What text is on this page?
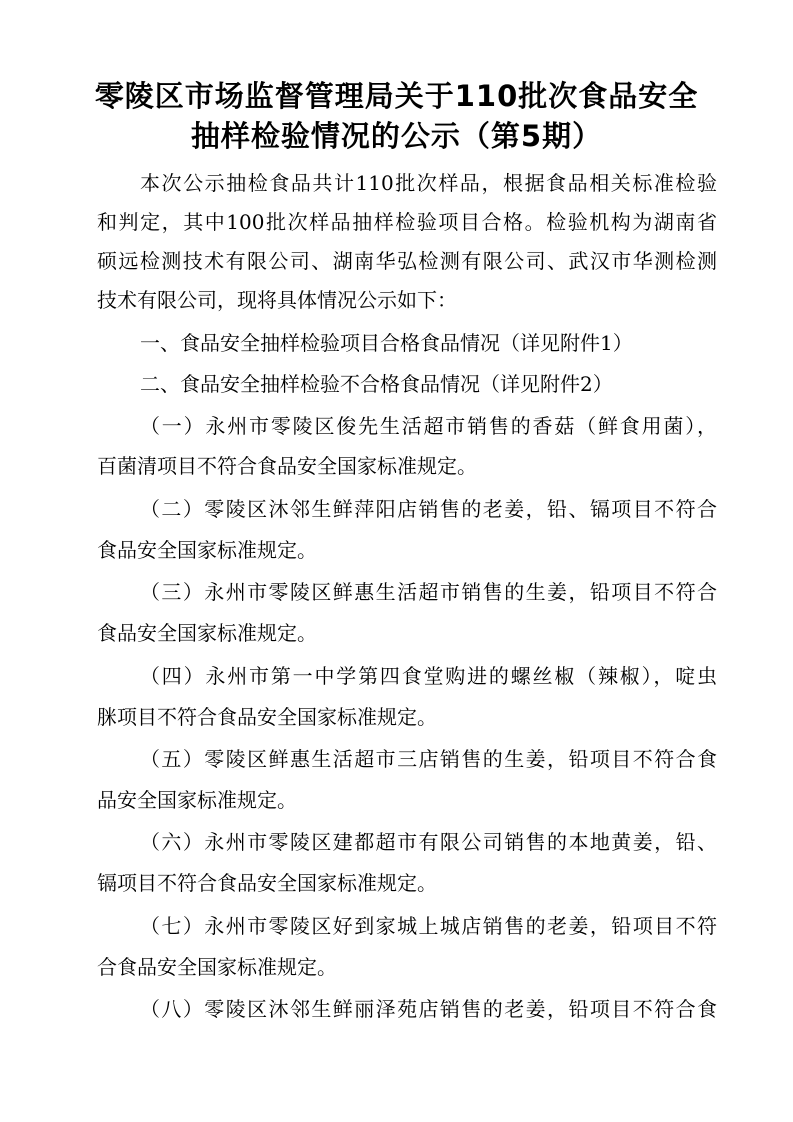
零陵区市场监督管理局关于110批次食品安全
抽样检验情况的公示（第5期）

本次公示抽检食品共计110批次样品，根据食品相关标准检验

和判定，其中100批次样品抽样检验项目合格。检验机构为湖南省

硕远检测技术有限公司、湖南华弘检测有限公司、武汉市华测检测

技术有限公司，现将具体情况公示如下：

一、食品安全抽样检验项目合格食品情况（详见附件1）

二、食品安全抽样检验不合格食品情况（详见附件2）

（一）永州市零陵区俊先生活超市销售的香菇（鲜食用菌），

百菌清项目不符合食品安全国家标准规定。

（二）零陵区沐邻生鲜萍阳店销售的老姜，铅、镉项目不符合

食品安全国家标准规定。

（三）永州市零陵区鲜惠生活超市销售的生姜，铅项目不符合

食品安全国家标准规定。

（四）永州市第一中学第四食堂购进的螺丝椒（辣椒），啶虫

脒项目不符合食品安全国家标准规定。

（五）零陵区鲜惠生活超市三店销售的生姜，铅项目不符合食

品安全国家标准规定。

（六）永州市零陵区建都超市有限公司销售的本地黄姜，铅、

镉项目不符合食品安全国家标准规定。

（七）永州市零陵区好到家城上城店销售的老姜，铅项目不符

合食品安全国家标准规定。

（八）零陵区沐邻生鲜丽泽苑店销售的老姜，铅项目不符合食
